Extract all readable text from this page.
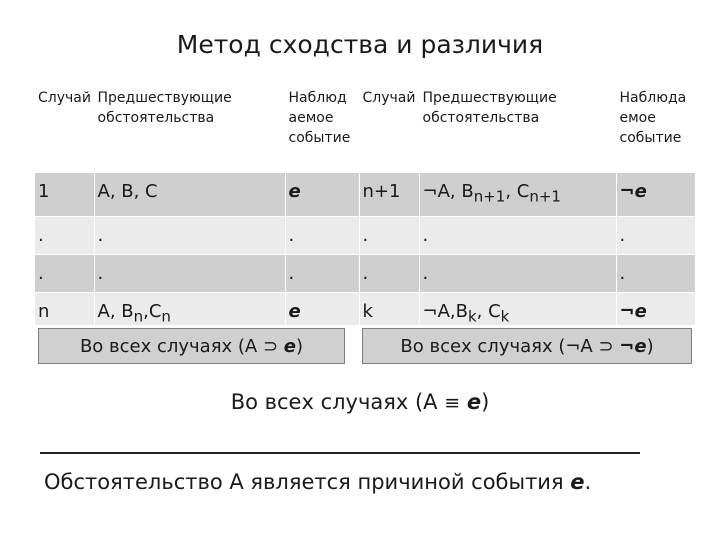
Метод сходства и различия
Случай	Предшествующие обстоятельства	Наблюд аемое событие	Случай	Предшествующие обстоятельства	Наблюда емое событие
1	A, B, C	e	n+1	¬A, $B_{n+1}$, $C_{n+1}$	¬e
.	.	.	.	.	.
.	.	.	.	.	.
n	A, $B_n,C_n$	e	k	$\neg A,B_k$, $C_k$	¬e
Во всех случаях (A ⊃ e)	Во всех случаях (¬A ⊃ ¬e)
Во всех случаях (A ≡ e)
Обстоятельство А является причиной события e.
